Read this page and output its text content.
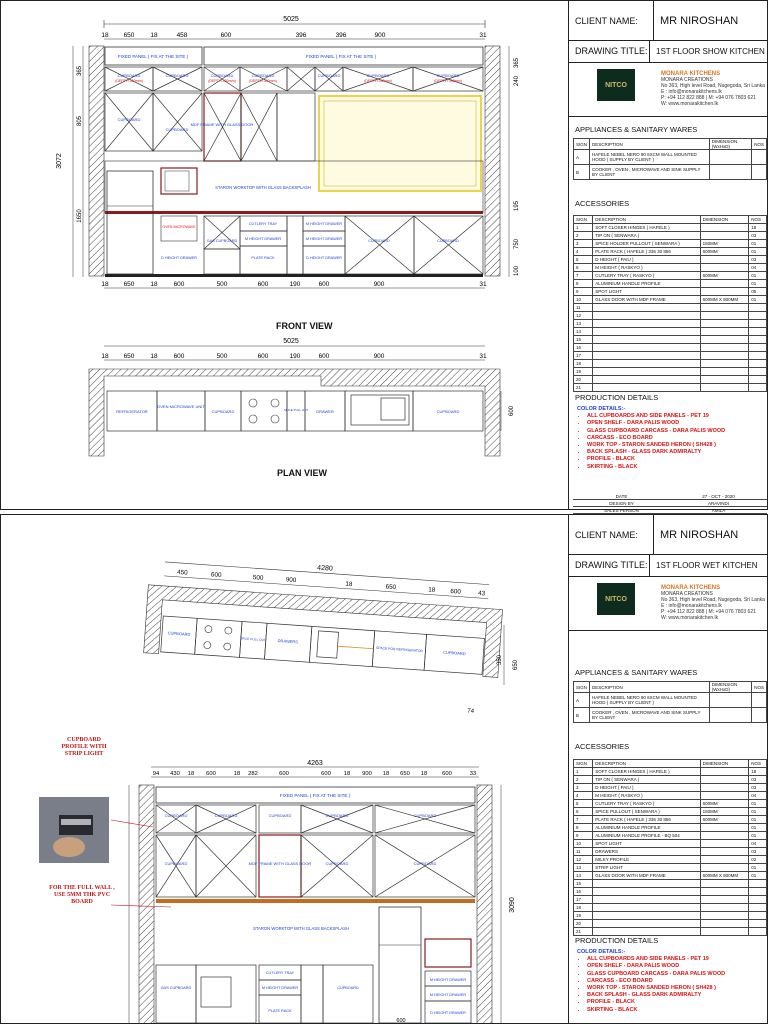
5025
18 650 18	458	600	396	396	900	31
FIXED PANEL ( FIX AT THE SITE )	FIXED PANEL ( FIX AT THE SITE )
CUPBOARD	CUPBOARD	CUPBOARD	CUPBOARD	CUPBOARD	CUPBOARD	CUPBOARD
(DEPTH 330mm)	(DEPTH 330mm)	(DEPTH 330mm)	(DEPTH 330mm)	(DEPTH 330mm)
MDF FRAME WITH GLASS DOOR
CUPBOARD
CUPBOARD
STARON WORKTOP WITH GLASS BACKSPLASH
OVEN MICROWAVE
CUTLERY TRAY
M HEIGHT DRAWER
PLATE RACK
M HEIGHT DRAWER
M HEIGHT DRAWER
D HEIGHT DRAWER
GAS CUPBOARD	CUPBOARD	CUPBOARD
D HEIGHT DRAWER
18 650 18 600	500	600	190	600	900	31
3072
365
805
1650
365
240
195
750
100
5025
18 650 18 600	500	600	190	600	900	31
REFRIGERATOR
OVEN MICROWAVE UNIT
CUPBOARD	SPICE PULL OUT DRAWER	CUPBOARD	600
FRONT VIEW
PLAN VIEW
CLIENT NAME:	MR NIROSHAN
DRAWING TITLE:	1ST FLOOR SHOW KITCHEN
NITCO
MONARA KITCHENS
MONARA CREATIONS
No 363, High level Road, Nugegoda, Sri Lanka
E : info@monarakitchens.lk
P: +94 112 822 888 | M: +94 076 7803 621
W: www.monarakitchen.lk
APPLIANCES & SANITARY WARES
SIGN	DESCRIPTION	DIMENSION (WxHxD)	NOS
A	HAFELE NEBEL NERO 90 6XCM WALL MOUNTED HOOD ( SUPPLY BY CLIENT )		
B	COOKER , OVEN , MICROWAVE AND SINK SUPPLY BY CLIENT		
ACCESSORIES
SIGN	DESCRIPTION	DIMENSION	NOS
1	SOFT CLOSER HINGES ( HAFELE )		18
2	TIP ON ( SENWARA )		03
3	SPICE HOLDER PULLOUT ( SENWARA )	150MM	01
4	PLATE RACK ( HAFELE ) 336 30 856	600MM	01
5	D HEIGHT ( PAIU )		03
6	M HEIGHT ( RASKYO )		04
7	CUTLERY TRAY ( RASKYO )	600MM	01
8	ALUMINIUM HANDLE PROFILE		01
9	SPOT LIGHT		05
10	GLASS DOOR WITH MDF FRAME	600MM X 900MM	01
11			
12			
13			
14			
15			
16			
17			
18			
19			
20			
21			
PRODUCTION DETAILS
COLOR DETAILS:-
• ALL CUPBOARDS AND SIDE PANELS - PET 19
• OPEN SHELF - DARA PALIS WOOD
• GLASS CUPBOARD CARCASS - DARA PALIS WOOD
• CARCASS - ECO BOARD
• WORK TOP - STARON SANDED HERON ( SH428 )
• BACK SPLASH - GLASS DARK ADMIRALTY
• PROFILE - BLACK
• SKIRTING - BLACK
DATE	27 - OCT - 2020
DESIGN BY	ARAVINDI
SALES PERSON	AMILA
4280
450	600	500	900
18	650	18 600	43
CUPBOARD
SPICE PULL OUT	DRAWERS
SPACE FOR REFRIGERATOR	CUPBOARD
74
350 650
4263
94 430 18 600	18 282	600	600 18 900 18 650 18	600	33
FIXED PANEL ( FIX AT THE SITE )
CUPBOARD	CUPBOARD	CUPBOARD	CUPBOARD	CUPBOARD
MDF FRAME WITH GLASS DOOR
CUPBOARD	CUPBOARD	CUPBOARD
STARON WORKTOP WITH GLASS BACKSPLASH
GAS CUPBOARD
CUTLERY TRAY
M HEIGHT DRAWER
PLATE RACK
CUPBOARD
M HEIGHT DRAWER
M HEIGHT DRAWER
D HEIGHT DRAWER
3090
600
CUPBOARD PROFILE WITH STRIP LIGHT
FOR THE FULL WALL , USE 5MM THK PVC BOARD
CLIENT NAME:	MR NIROSHAN
DRAWING TITLE:	1ST FLOOR WET KITCHEN
NITCO
MONARA KITCHENS
MONARA CREATIONS
No 363, High level Road, Nugegoda, Sri Lanka
E : info@monarakitchens.lk
P: +94 112 822 888 | M: +94 076 7803 621
W: www.monarakitchen.lk
APPLIANCES & SANITARY WARES
SIGN	DESCRIPTION	DIMENSION (WxHxD)	NOS
A	HAFELE NEBEL NERO 90 6XCM WALL MOUNTED HOOD ( SUPPLY BY CLIENT )		
B	COOKER , OVEN , MICROWAVE AND SINK SUPPLY BY CLIENT		
ACCESSORIES
SIGN	DESCRIPTION	DIMENSION	NOS
1	SOFT CLOSER HINGES ( HAFELE )		18
2	TIP ON ( SENWARA )		03
3	D HEIGHT ( PAIU )		03
4	M HEIGHT ( RASKYO )		04
5	CUTLERY TRAY ( RASKYO )	600MM	01
6	SPICE PULLOUT ( SENWARA )	150MM	01
7	PLATE RACK ( HAFELE ) 336 30 856	600MM	01
8	ALUMINIUM HANDLE PROFILE		01
9	ALUMINIUM HANDLE PROFILE - BQ 504		01
10	SPOT LIGHT		04
11	DRAWERS		03
12	MILKY PROFILE		02
13	STRIP LIGHT		01
14	GLASS DOOR WITH MDF FRAME	600MM X 900MM	01
15			
16			
17			
18			
19			
20			
21			
PRODUCTION DETAILS
COLOR DETAILS:-
• ALL CUPBOARDS AND SIDE PANELS - PET 19
• OPEN SHELF - DARA PALIS WOOD
• GLASS CUPBOARD CARCASS - DARA PALIS WOOD
• CARCASS - ECO BOARD
• WORK TOP - STARON SANDED HERON ( SH428 )
• BACK SPLASH - GLASS DARK ADMIRALTY
• PROFILE - BLACK
• SKIRTING - BLACK
